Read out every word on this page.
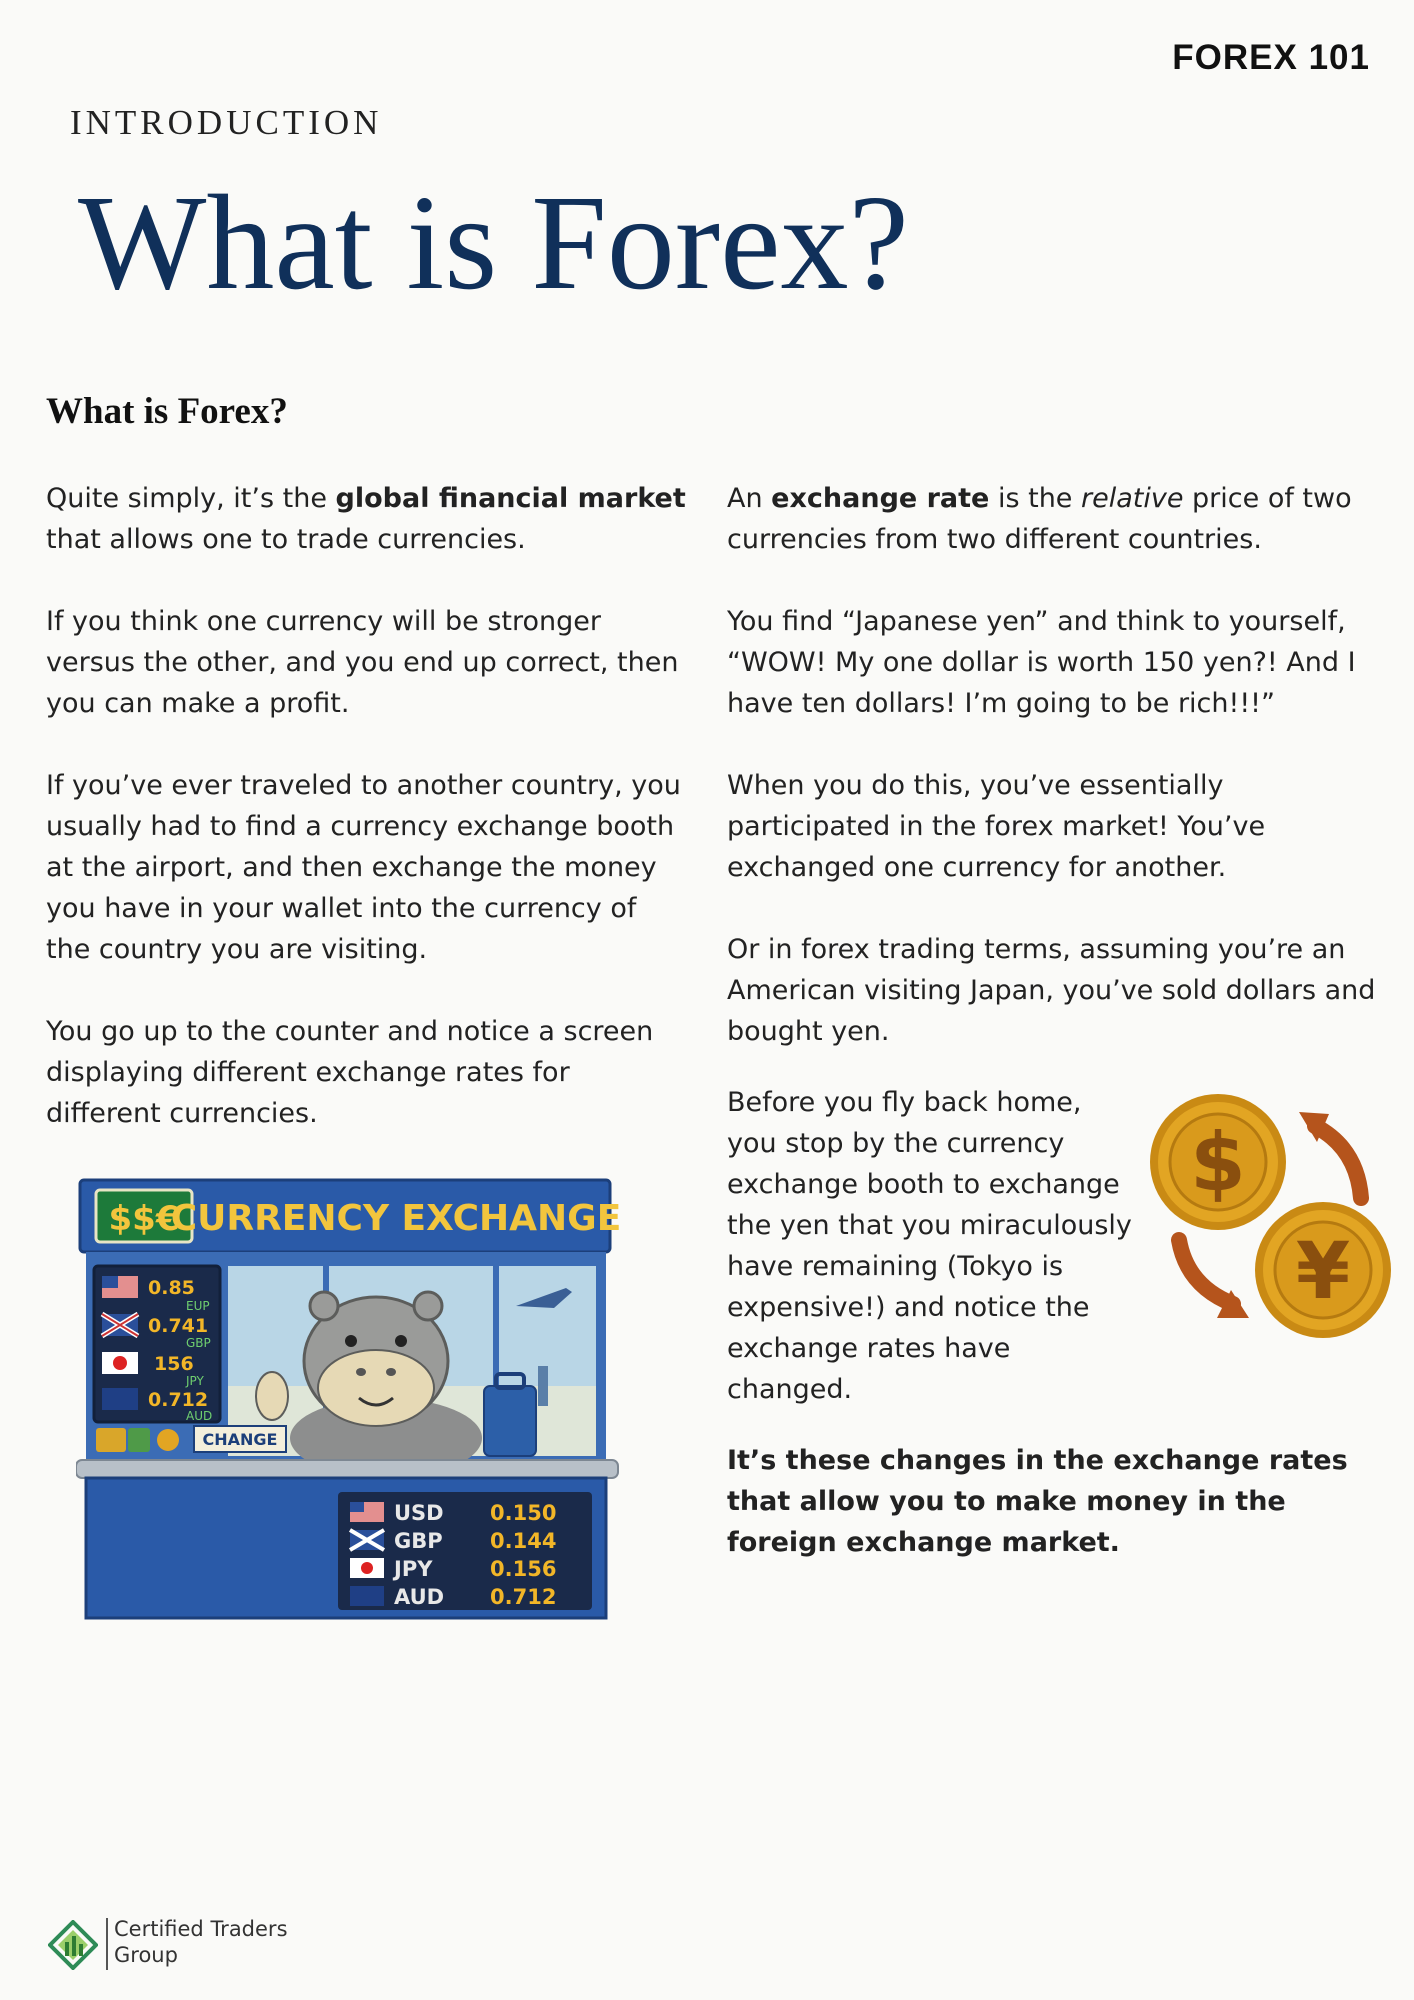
FOREX 101
INTRODUCTION
What is Forex?
What is Forex?

Quite simply, it’s the global financial market that allows one to trade currencies.

If you think one currency will be stronger versus the other, and you end up correct, then you can make a profit.

If you’ve ever traveled to another country, you usually had to find a currency exchange booth at the airport, and then exchange the money you have in your wallet into the currency of the country you are visiting.

You go up to the counter and notice a screen displaying different exchange rates for different currencies.

$$€
CURRENCY EXCHANGE
0.85
EUP
0.741
GBP
156
JPY
0.712
AUD
CHANGE
USD 0.150
GBP 0.144
JPY	0.156
AUD 0.712

An exchange rate is the relative price of two currencies from two different countries.

You find “Japanese yen” and think to yourself, “WOW! My one dollar is worth 150 yen?! And I have ten dollars! I’m going to be rich!!!”

When you do this, you’ve essentially participated in the forex market! You’ve exchanged one currency for another.

Or in forex trading terms, assuming you’re an American visiting Japan, you’ve sold dollars and bought yen.

Before you fly back home, you stop by the currency exchange booth to exchange the yen that you miraculously have remaining (Tokyo is expensive!) and notice the exchange rates have changed.

It’s these changes in the exchange rates that allow you to make money in the foreign exchange market.

$
¥
Certified Traders
Group
